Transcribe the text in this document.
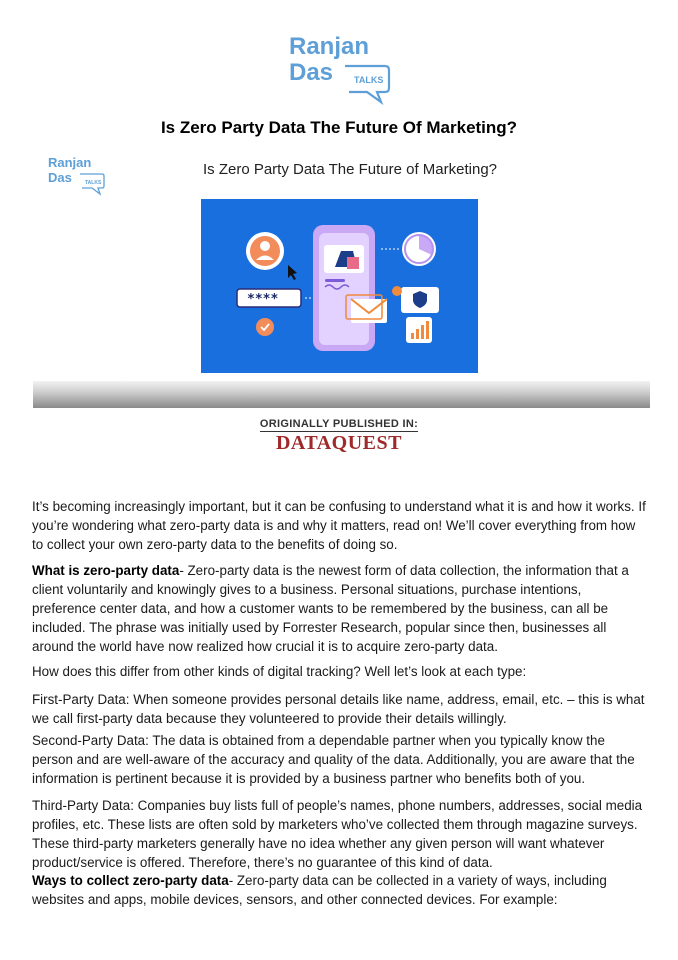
Ranjan
Das TALKS
Is Zero Party Data The Future Of Marketing?
Ranjan
Das	TALKS
Is Zero Party Data The Future of Marketing?
****
ORIGINALLY PUBLISHED IN:
DATAQUEST
It’s becoming increasingly important, but it can be confusing to understand what it is and how it works. If you’re wondering what zero-party data is and why it matters, read on! We’ll cover everything from how to collect your own zero-party data to the benefits of doing so.
What is zero-party data- Zero-party data is the newest form of data collection, the information that a client voluntarily and knowingly gives to a business. Personal situations, purchase intentions, preference center data, and how a customer wants to be remembered by the business, can all be included. The phrase was initially used by Forrester Research, popular since then, businesses all around the world have now realized how crucial it is to acquire zero-party data.
How does this differ from other kinds of digital tracking? Well let’s look at each type:
First-Party Data: When someone provides personal details like name, address, email, etc. – this is what we call first-party data because they volunteered to provide their details willingly.
Second-Party Data: The data is obtained from a dependable partner when you typically know the person and are well-aware of the accuracy and quality of the data. Additionally, you are aware that the information is pertinent because it is provided by a business partner who benefits both of you.
Third-Party Data: Companies buy lists full of people’s names, phone numbers, addresses, social media profiles, etc. These lists are often sold by marketers who’ve collected them through magazine surveys. These third-party marketers generally have no idea whether any given person will want whatever product/service is offered. Therefore, there’s no guarantee of this kind of data.
Ways to collect zero-party data- Zero-party data can be collected in a variety of ways, including websites and apps, mobile devices, sensors, and other connected devices. For example:
